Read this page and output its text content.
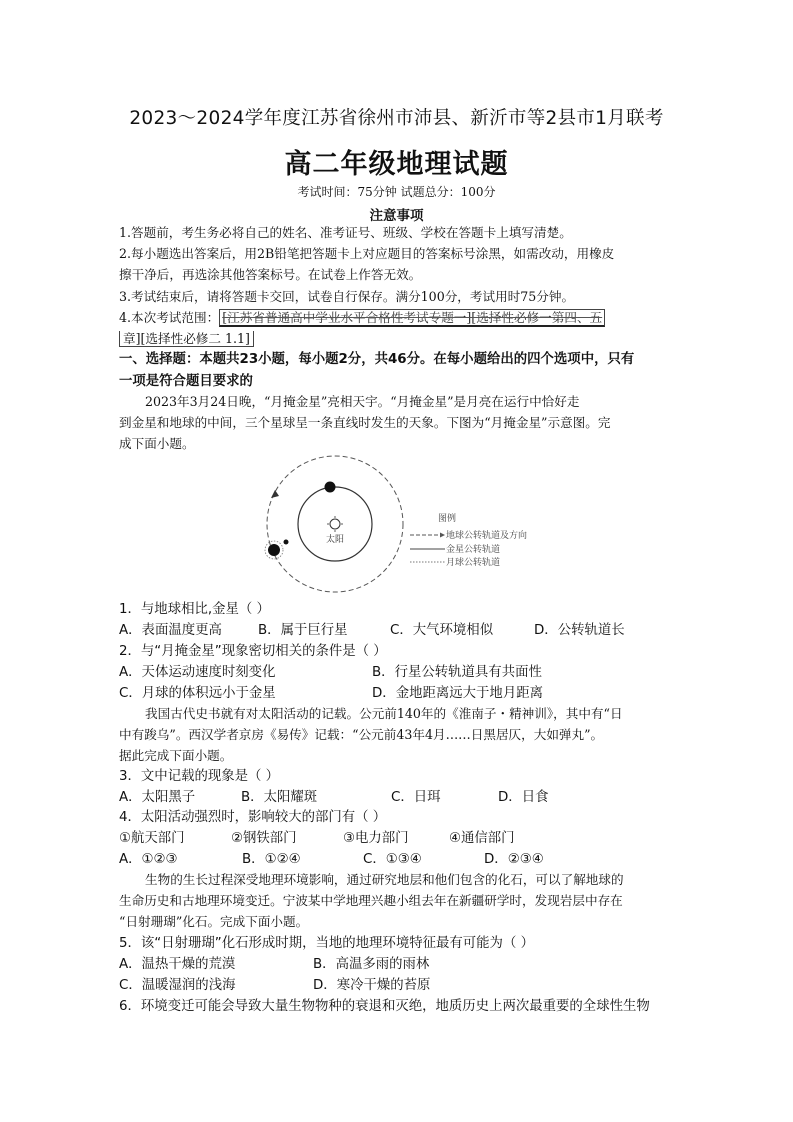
2023～2024学年度江苏省徐州市沛县、新沂市等2县市1月联考
高二年级地理试题
考试时间：75分钟 试题总分：100分
注意事项
1.答题前，考生务必将自己的姓名、准考证号、班级、学校在答题卡上填写清楚。
2.每小题选出答案后，用2B铅笔把答题卡上对应题目的答案标号涂黑，如需改动，用橡皮
擦干净后，再选涂其他答案标号。在试卷上作答无效。
3.考试结束后，请将答题卡交回，试卷自行保存。满分100分，考试用时75分钟。
4.本次考试范围： [江苏省普通高中学业水平合格性考试专题一][选择性必修一第四、五
章][选择性必修二 1.1]
一、选择题：本题共23小题，每小题2分，共46分。在每小题给出的四个选项中，只有
一项是符合题目要求的
2023年3月24日晚，“月掩金星”亮相天宇。“月掩金星”是月亮在运行中恰好走
到金星和地球的中间，三个星球呈一条直线时发生的天象。下图为“月掩金星”示意图。完
成下面小题。
太阳
图例
地球公转轨道及方向
金星公转轨道
月球公转轨道
1．与地球相比,金星（ ）
A．表面温度更高	B．属于巨行星	C．大气环境相似	D．公转轨道长
2．与“月掩金星”现象密切相关的条件是（ ）
A．天体运动速度时刻变化	B．行星公转轨道具有共面性
C．月球的体积远小于金星	D．金地距离远大于地月距离
我国古代史书就有对太阳活动的记载。公元前140年的《淮南子・精神训》，其中有“日
中有踆乌”。西汉学者京房《易传》记载：“公元前43年4月……日黑居仄，大如弹丸”。
据此完成下面小题。
3．文中记载的现象是（ ）
A．太阳黑子	B．太阳耀斑	C．日珥	D．日食
4．太阳活动强烈时，影响较大的部门有（ ）
①航天部门	②钢铁部门	③电力部门	④通信部门
A．①②③	B．①②④	C．①③④	D．②③④
生物的生长过程深受地理环境影响，通过研究地层和他们包含的化石，可以了解地球的
生命历史和古地理环境变迁。宁波某中学地理兴趣小组去年在新疆研学时，发现岩层中存在
“日射珊瑚”化石。完成下面小题。
5．该“日射珊瑚”化石形成时期，当地的地理环境特征最有可能为（ ）
A．温热干燥的荒漠	B．高温多雨的雨林
C．温暖湿润的浅海	D．寒冷干燥的苔原
6．环境变迁可能会导致大量生物物种的衰退和灭绝，地质历史上两次最重要的全球性生物
